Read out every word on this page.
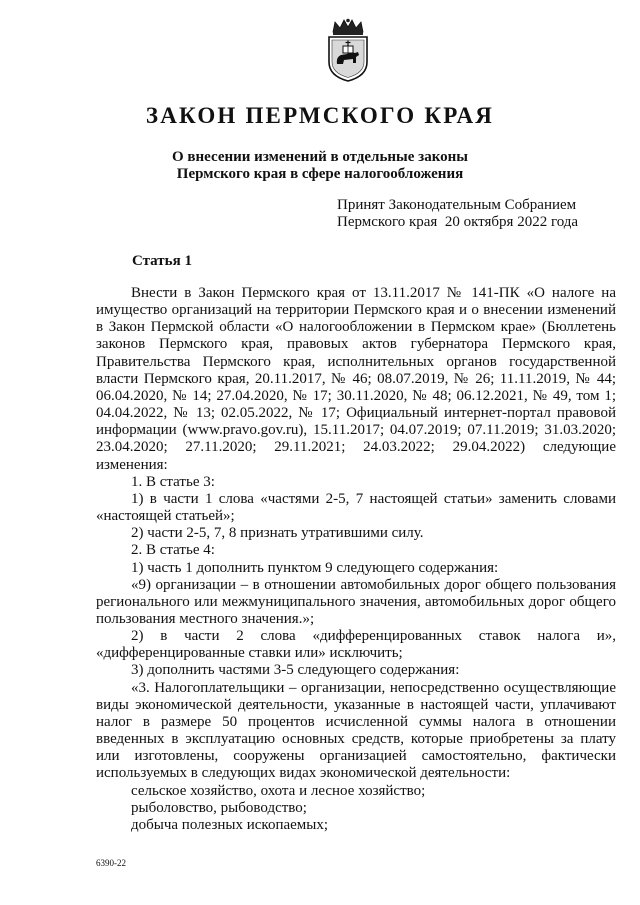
ЗАКОН ПЕРМСКОГО КРАЯ
О внесении изменений в отдельные законы
Пермского края в сфере налогообложения
Принят Законодательным Собранием
Пермского края  20 октября 2022 года
Статья 1

Внести в Закон Пермского края от 13.11.2017 № 141-ПК «О налоге на имущество организаций на территории Пермского края и о внесении изменений в Закон Пермской области «О налогообложении в Пермском крае» (Бюллетень законов Пермского края, правовых актов губернатора Пермского края, Правительства Пермского края, исполнительных органов государственной власти Пермского края, 20.11.2017, № 46; 08.07.2019, № 26; 11.11.2019, № 44; 06.04.2020, № 14; 27.04.2020, № 17; 30.11.2020, № 48; 06.12.2021, № 49, том 1; 04.04.2022, № 13; 02.05.2022, № 17; Официальный интернет-портал правовой информации (www.pravo.gov.ru), 15.11.2017; 04.07.2019; 07.11.2019; 31.03.2020; 23.04.2020; 27.11.2020; 29.11.2021; 24.03.2022; 29.04.2022) следующие изменения:

1. В статье 3:

1) в части 1 слова «частями 2-5, 7 настоящей статьи» заменить словами «настоящей статьей»;

2) части 2-5, 7, 8 признать утратившими силу.

2. В статье 4:

1) часть 1 дополнить пунктом 9 следующего содержания:

«9) организации – в отношении автомобильных дорог общего пользования регионального или межмуниципального значения, автомобильных дорог общего пользования местного значения.»;

2) в части 2 слова «дифференцированных ставок налога и», «дифференцированные ставки или» исключить;

3) дополнить частями 3-5 следующего содержания:

«3. Налогоплательщики – организации, непосредственно осуществляющие виды экономической деятельности, указанные в настоящей части, уплачивают налог в размере 50 процентов исчисленной суммы налога в отношении введенных в эксплуатацию основных средств, которые приобретены за плату или изготовлены, сооружены организацией самостоятельно, фактически используемых в следующих видах экономической деятельности:

сельское хозяйство, охота и лесное хозяйство;

рыболовство, рыбоводство;

добыча полезных ископаемых;

6390-22
